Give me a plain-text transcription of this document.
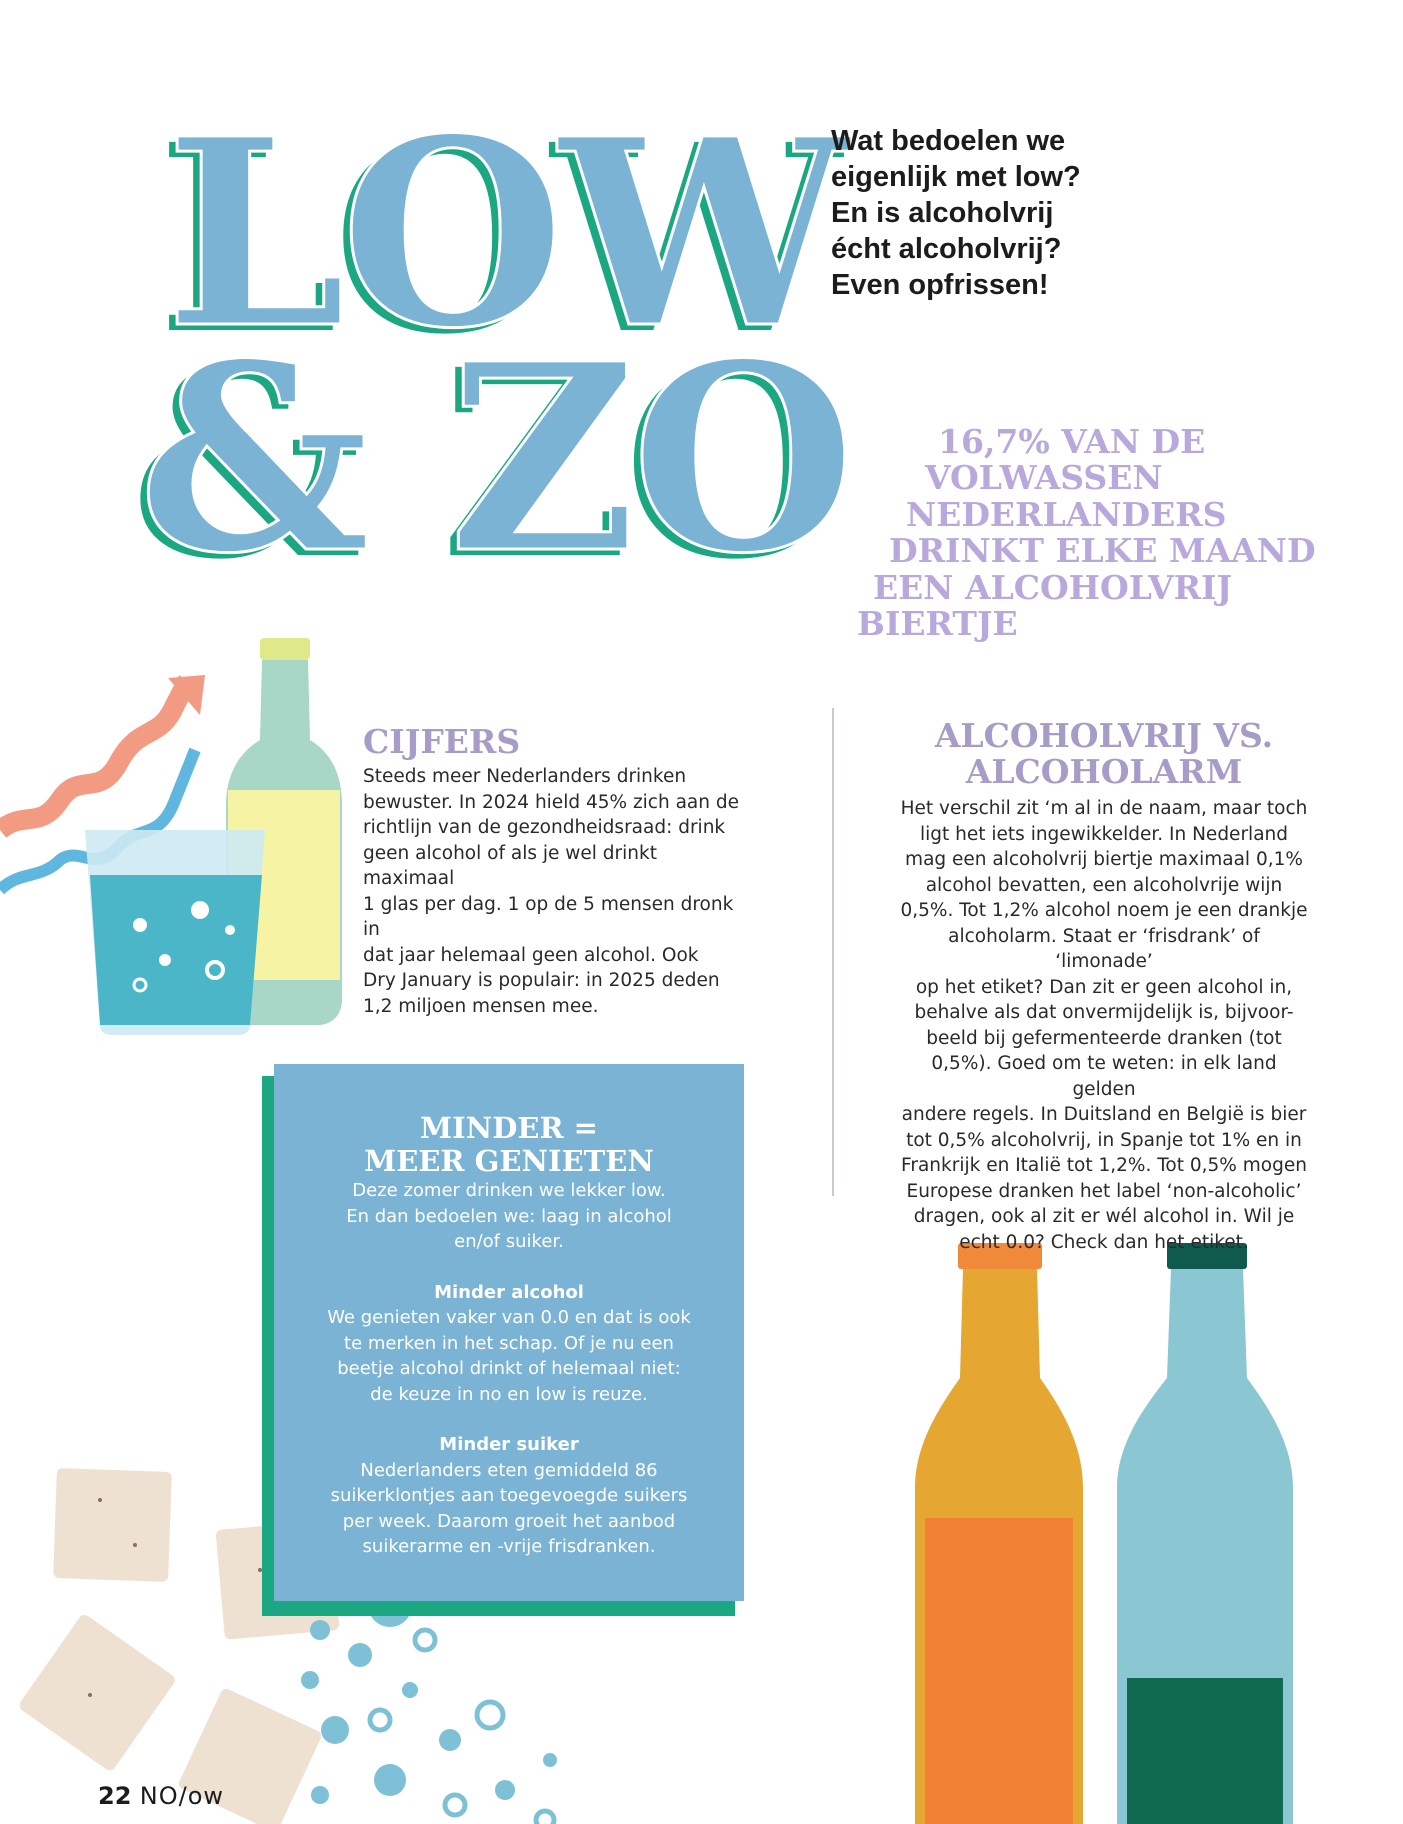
LOW
& ZO
Wat bedoelen we
eigenlijk met low?
En is alcoholvrij
écht alcoholvrij?
Even opfrissen!
16,7% VAN DE
VOLWASSEN
NEDERLANDERS
DRINKT ELKE MAAND
EEN ALCOHOLVRIJ
BIERTJE
CIJFERS
Steeds meer Nederlanders drinken
bewuster. In 2024 hield 45% zich aan de
richtlijn van de gezondheidsraad: drink
geen alcohol of als je wel drinkt maximaal
1 glas per dag. 1 op de 5 mensen dronk in
dat jaar helemaal geen alcohol. Ook
Dry January is populair: in 2025 deden
1,2 miljoen mensen mee.
ALCOHOLVRIJ VS.
ALCOHOLARM
Het verschil zit ‘m al in de naam, maar toch
ligt het iets ingewikkelder. In Nederland
mag een alcoholvrij biertje maximaal 0,1%
alcohol bevatten, een alcoholvrije wijn
0,5%. Tot 1,2% alcohol noem je een drankje
alcoholarm. Staat er ‘frisdrank’ of ‘limonade’
op het etiket? Dan zit er geen alcohol in,
behalve als dat onvermijdelijk is, bijvoor-
beeld bij gefermenteerde dranken (tot
0,5%). Goed om te weten: in elk land gelden
andere regels. In Duitsland en België is bier
tot 0,5% alcoholvrij, in Spanje tot 1% en in
Frankrijk en Italië tot 1,2%. Tot 0,5% mogen
Europese dranken het label ‘non-alcoholic’
dragen, ook al zit er wél alcohol in. Wil je
echt 0.0? Check dan het etiket.
MINDER =
MEER GENIETEN

Deze zomer drinken we lekker low.

En dan bedoelen we: laag in alcohol

en/of suiker.

Minder alcohol

We genieten vaker van 0.0 en dat is ook

te merken in het schap. Of je nu een

beetje alcohol drinkt of helemaal niet:

de keuze in no en low is reuze.

Minder suiker

Nederlanders eten gemiddeld 86

suikerklontjes aan toegevoegde suikers

per week. Daarom groeit het aanbod

suikerarme en -vrije frisdranken.

22 NO/ow
